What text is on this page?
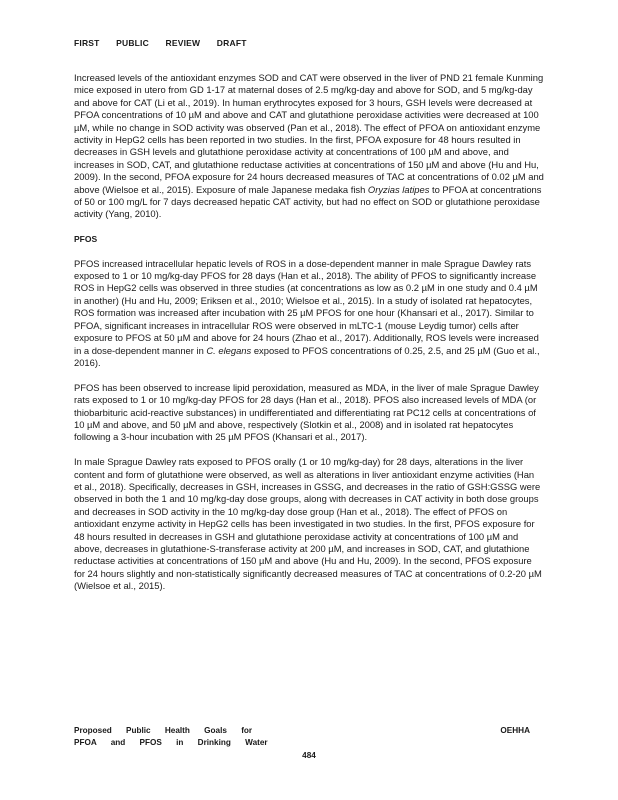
FIRST PUBLIC REVIEW DRAFT

Increased levels of the antioxidant enzymes SOD and CAT were observed in the liver of PND 21 female Kunming mice exposed in utero from GD 1-17 at maternal doses of 2.5 mg/kg-day and above for SOD, and 5 mg/kg-day and above for CAT (Li et al., 2019). In human erythrocytes exposed for 3 hours, GSH levels were decreased at PFOA concentrations of 10 µM and above and CAT and glutathione peroxidase activities were decreased at 100 µM, while no change in SOD activity was observed (Pan et al., 2018). The effect of PFOA on antioxidant enzyme activity in HepG2 cells has been reported in two studies. In the first, PFOA exposure for 48 hours resulted in decreases in GSH levels and glutathione peroxidase activity at concentrations of 100 µM and above, and increases in SOD, CAT, and glutathione reductase activities at concentrations of 150 µM and above (Hu and Hu, 2009). In the second, PFOA exposure for 24 hours decreased measures of TAC at concentrations of 0.02 µM and above (Wielsoe et al., 2015). Exposure of male Japanese medaka fish Oryzias latipes to PFOA at concentrations of 50 or 100 mg/L for 7 days decreased hepatic CAT activity, but had no effect on SOD or glutathione peroxidase activity (Yang, 2010).

PFOS

PFOS increased intracellular hepatic levels of ROS in a dose-dependent manner in male Sprague Dawley rats exposed to 1 or 10 mg/kg-day PFOS for 28 days (Han et al., 2018). The ability of PFOS to significantly increase ROS in HepG2 cells was observed in three studies (at concentrations as low as 0.2 µM in one study and 0.4 µM in another) (Hu and Hu, 2009; Eriksen et al., 2010; Wielsoe et al., 2015). In a study of isolated rat hepatocytes, ROS formation was increased after incubation with 25 µM PFOS for one hour (Khansari et al., 2017). Similar to PFOA, significant increases in intracellular ROS were observed in mLTC-1 (mouse Leydig tumor) cells after exposure to PFOS at 50 µM and above for 24 hours (Zhao et al., 2017). Additionally, ROS levels were increased in a dose-dependent manner in C. elegans exposed to PFOS concentrations of 0.25, 2.5, and 25 µM (Guo et al., 2016).

PFOS has been observed to increase lipid peroxidation, measured as MDA, in the liver of male Sprague Dawley rats exposed to 1 or 10 mg/kg-day PFOS for 28 days (Han et al., 2018). PFOS also increased levels of MDA (or thiobarbituric acid-reactive substances) in undifferentiated and differentiating rat PC12 cells at concentrations of 10 µM and above, and 50 µM and above, respectively (Slotkin et al., 2008) and in isolated rat hepatocytes following a 3-hour incubation with 25 µM PFOS (Khansari et al., 2017).

In male Sprague Dawley rats exposed to PFOS orally (1 or 10 mg/kg-day) for 28 days, alterations in the liver content and form of glutathione were observed, as well as alterations in liver antioxidant enzyme activities (Han et al., 2018). Specifically, decreases in GSH, increases in GSSG, and decreases in the ratio of GSH:GSSG were observed in both the 1 and 10 mg/kg-day dose groups, along with decreases in CAT activity in both dose groups and decreases in SOD activity in the 10 mg/kg-day dose group (Han et al., 2018). The effect of PFOS on antioxidant enzyme activity in HepG2 cells has been investigated in two studies. In the first, PFOS exposure for 48 hours resulted in decreases in GSH and glutathione peroxidase activity at concentrations of 100 µM and above, decreases in glutathione-S-transferase activity at 200 µM, and increases in SOD, CAT, and glutathione reductase activities at concentrations of 150 µM and above (Hu and Hu, 2009). In the second, PFOS exposure for 24 hours slightly and non-statistically significantly decreased measures of TAC at concentrations of 0.2-20 µM (Wielsoe et al., 2015).

Proposed Public Health Goals for
PFOA and PFOS in Drinking Water
OEHHA
484
